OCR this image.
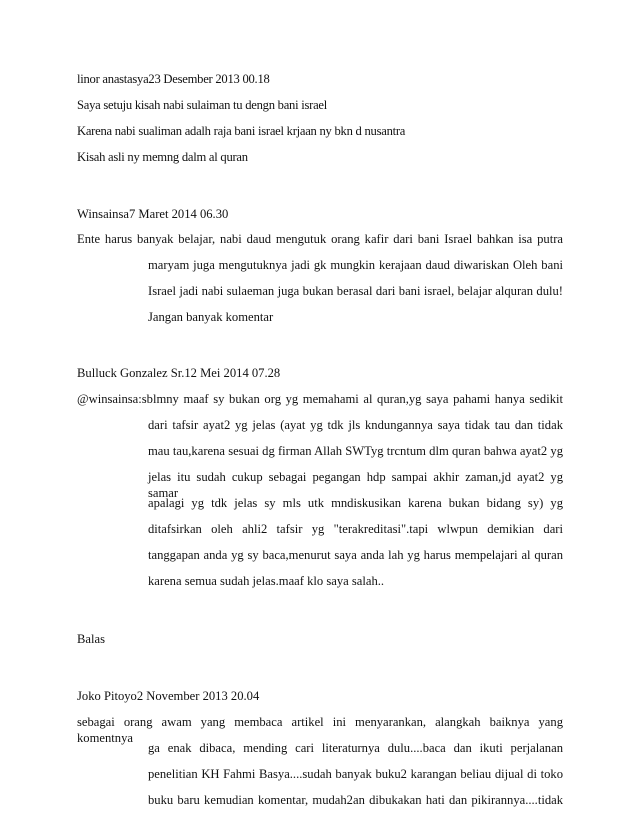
linor anastasya23 Desember 2013 00.18
Saya setuju kisah nabi sulaiman tu dengn bani israel
Karena nabi sualiman adalh raja bani israel krjaan ny bkn d nusantra
Kisah asli ny memng dalm al quran
Winsainsa7 Maret 2014 06.30
Ente harus banyak belajar, nabi daud mengutuk orang kafir dari bani Israel bahkan isa putra
maryam juga mengutuknya jadi gk mungkin kerajaan daud diwariskan Oleh bani
Israel jadi nabi sulaeman juga bukan berasal dari bani israel, belajar alquran dulu!
Jangan banyak komentar
Bulluck Gonzalez Sr.12 Mei 2014 07.28
@winsainsa:sblmny maaf sy bukan org yg memahami al quran,yg saya pahami hanya sedikit
dari tafsir ayat2 yg jelas (ayat yg tdk jls kndungannya saya tidak tau dan tidak
mau tau,karena sesuai dg firman Allah SWTyg trcntum dlm quran bahwa ayat2 yg
jelas itu sudah cukup sebagai pegangan hdp sampai akhir zaman,jd ayat2 yg samar
apalagi yg tdk jelas sy mls utk mndiskusikan karena bukan bidang sy) yg
ditafsirkan oleh ahli2 tafsir yg "terakreditasi".tapi wlwpun demikian dari
tanggapan anda yg sy baca,menurut saya anda lah yg harus mempelajari al quran
karena semua sudah jelas.maaf klo saya salah..
Balas
Joko Pitoyo2 November 2013 20.04
sebagai orang awam yang membaca artikel ini menyarankan, alangkah baiknya yang komentnya
ga enak dibaca, mending cari literaturnya dulu....baca dan ikuti perjalanan
penelitian KH Fahmi Basya....sudah banyak buku2 karangan beliau dijual di toko
buku baru kemudian komentar, mudah2an dibukakan hati dan pikirannya....tidak
